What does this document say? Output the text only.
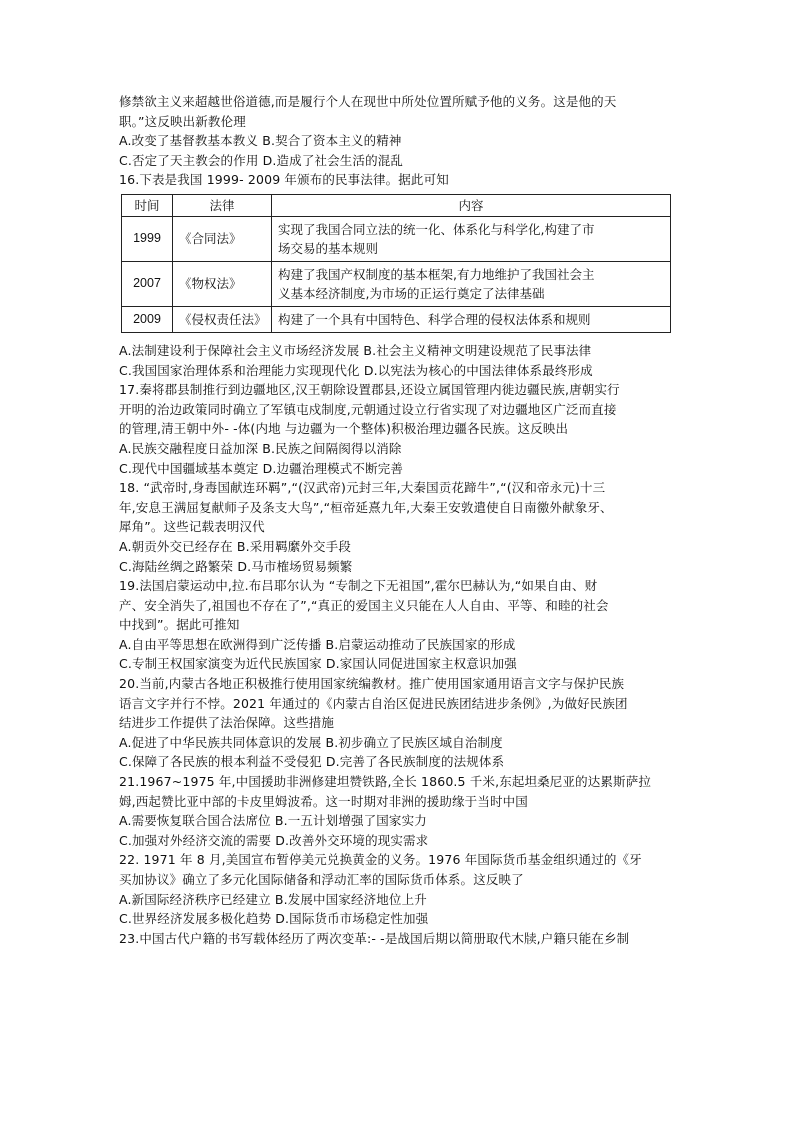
修禁欲主义来超越世俗道德,而是履行个人在现世中所处位置所赋予他的义务。这是他的天
职。”这反映出新教伦理
A.改变了基督教基本教义 B.契合了资本主义的精神
C.否定了天主教会的作用 D.造成了社会生活的混乱
16.下表是我国 1999- 2009 年颁布的民事法律。据此可知
时间	法律	内容
1999	《合同法》	实现了我国合同立法的统一化、体系化与科学化,构建了市
场交易的基本规则

2007	《物权法》	构建了我国产权制度的基本框架,有力地维护了我国社会主
义基本经济制度,为市场的正运行奠定了法律基础

2009	《侵权责任法》	构建了一个具有中国特色、科学合理的侵权法体系和规则
A.法制建设利于保障社会主义市场经济发展 B.社会主义精神文明建设规范了民事法律
C.我国国家治理体系和治理能力实现现代化 D.以宪法为核心的中国法律体系最终形成
17.秦将郡县制推行到边疆地区,汉王朝除设置郡县,还设立属国管理内徙边疆民族,唐朝实行
开明的治边政策同时确立了军镇屯戍制度,元朝通过设立行省实现了对边疆地区广泛而直接
的管理,清王朝中外- -体(内地 与边疆为一个整体)积极治理边疆各民族。这反映出
A.民族交融程度日益加深 B.民族之间隔阂得以消除
C.现代中国疆域基本奠定 D.边疆治理模式不断完善
18. “武帝时,身毒国献连环羁”,“(汉武帝)元封三年,大秦国贡花蹄牛”,“(汉和帝永元)十三
年,安息王满屈复献师子及条支大鸟”,“桓帝延熹九年,大秦王安敦遣使自日南徼外献象牙、
犀角”。这些记载表明汉代
A.朝贡外交已经存在 B.采用羁縻外交手段
C.海陆丝绸之路繁荣 D.马市榷场贸易频繁
19.法国启蒙运动中,拉.布吕耶尔认为 “专制之下无祖国”,霍尔巴赫认为,“如果自由、财
产、安全消失了,祖国也不存在了”,“真正的爱国主义只能在人人自由、平等、和睦的社会
中找到”。据此可推知
A.自由平等思想在欧洲得到广泛传播 B.启蒙运动推动了民族国家的形成
C.专制王权国家演变为近代民族国家 D.家国认同促进国家主权意识加强
20.当前,内蒙古各地正积极推行使用国家统编教材。推广使用国家通用语言文字与保护民族
语言文字并行不悖。2021 年通过的《内蒙古自治区促进民族团结进步条例》,为做好民族团
结进步工作提供了法治保障。这些措施
A.促进了中华民族共同体意识的发展 B.初步确立了民族区域自治制度
C.保障了各民族的根本利益不受侵犯 D.完善了各民族制度的法规体系
21.1967~1975 年,中国援助非洲修建坦赞铁路,全长 1860.5 千米,东起坦桑尼亚的达累斯萨拉
姆,西起赞比亚中部的卡皮里姆波希。这一时期对非洲的援助缘于当时中国
A.需要恢复联合国合法席位 B.一五计划增强了国家实力
C.加强对外经济交流的需要 D.改善外交环境的现实需求
22. 1971 年 8 月,美国宣布暂停美元兑换黄金的义务。1976 年国际货币基金组织通过的《牙
买加协议》确立了多元化国际储备和浮动汇率的国际货币体系。这反映了
A.新国际经济秩序已经建立 B.发展中国家经济地位上升
C.世界经济发展多极化趋势 D.国际货币市场稳定性加强
23.中国古代户籍的书写载体经历了两次变革:- -是战国后期以简册取代木牍,户籍只能在乡制
